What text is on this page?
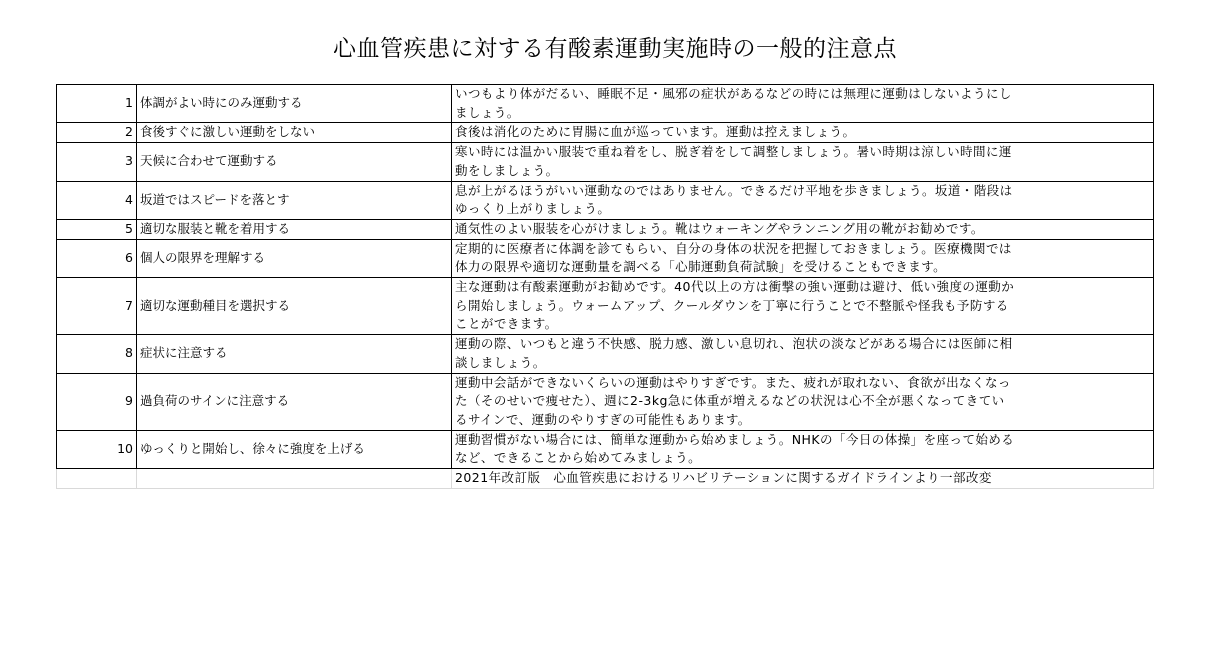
心血管疾患に対する有酸素運動実施時の一般的注意点
1	体調がよい時にのみ運動する	いつもより体がだるい、睡眠不足・風邪の症状があるなどの時には無理に運動はしないようにし
ましょう。

2	食後すぐに激しい運動をしない	食後は消化のために胃腸に血が巡っています。運動は控えましょう。

3	天候に合わせて運動する	寒い時には温かい服装で重ね着をし、脱ぎ着をして調整しましょう。暑い時期は涼しい時間に運
動をしましょう。

4	坂道ではスピードを落とす	息が上がるほうがいい運動なのではありません。できるだけ平地を歩きましょう。坂道・階段は
ゆっくり上がりましょう。

5	適切な服装と靴を着用する	通気性のよい服装を心がけましょう。靴はウォーキングやランニング用の靴がお勧めです。

6	個人の限界を理解する	定期的に医療者に体調を診てもらい、自分の身体の状況を把握しておきましょう。医療機関では
体力の限界や適切な運動量を調べる「心肺運動負荷試験」を受けることもできます。

7	適切な運動種目を選択する	主な運動は有酸素運動がお勧めです。40代以上の方は衝撃の強い運動は避け、低い強度の運動か
ら開始しましょう。ウォームアップ、クールダウンを丁寧に行うことで不整脈や怪我も予防する
ことができます。

8	症状に注意する	運動の際、いつもと違う不快感、脱力感、激しい息切れ、泡状の淡などがある場合には医師に相
談しましょう。

9	過負荷のサインに注意する	運動中会話ができないくらいの運動はやりすぎです。また、疲れが取れない、食欲が出なくなっ
た（そのせいで痩せた）、週に2-3kg急に体重が増えるなどの状況は心不全が悪くなってきてい
るサインで、運動のやりすぎの可能性もあります。

10	ゆっくりと開始し、徐々に強度を上げる	運動習慣がない場合には、簡単な運動から始めましょう。NHKの「今日の体操」を座って始める
など、できることから始めてみましょう。

		2021年改訂版　心血管疾患におけるリハビリテーションに関するガイドラインより一部改変
